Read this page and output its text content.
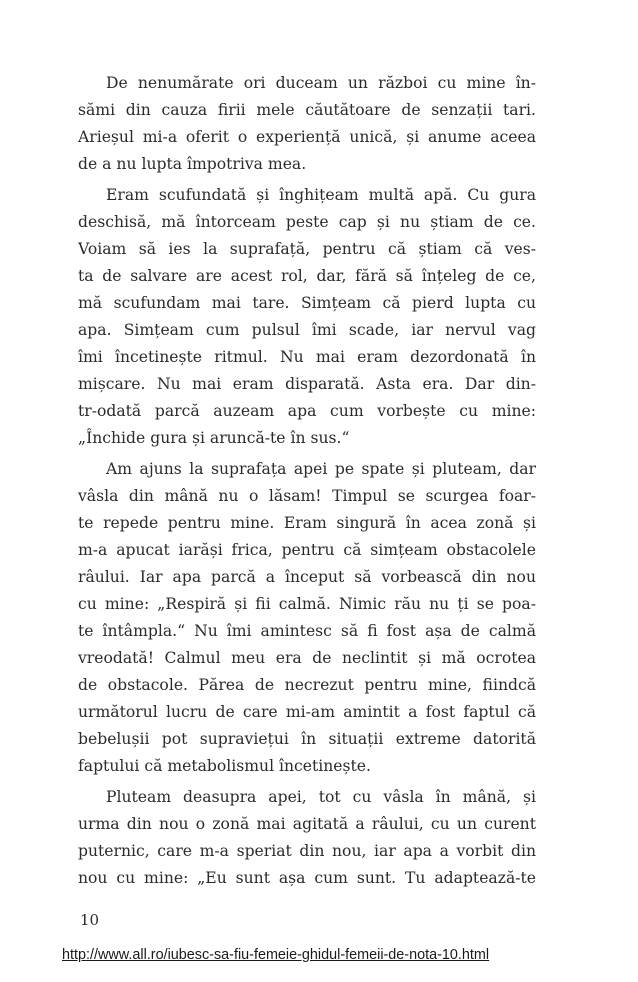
De nenumărate ori duceam un război cu mine în-
sămi din cauza firii mele căutătoare de senzații tari.
Arieșul mi-a oferit o experiență unică, și anume aceea
de a nu lupta împotriva mea.
Eram scufundată și înghițeam multă apă. Cu gura
deschisă, mă întorceam peste cap și nu știam de ce.
Voiam să ies la suprafață, pentru că știam că ves-
ta de salvare are acest rol, dar, fără să înțeleg de ce,
mă scufundam mai tare. Simțeam că pierd lupta cu
apa. Simțeam cum pulsul îmi scade, iar nervul vag
îmi încetinește ritmul. Nu mai eram dezordonată în
mișcare. Nu mai eram disparată. Asta era. Dar din-
tr-odată parcă auzeam apa cum vorbește cu mine:
„Închide gura și aruncă-te în sus.“
Am ajuns la suprafața apei pe spate și pluteam, dar
vâsla din mână nu o lăsam! Timpul se scurgea foar-
te repede pentru mine. Eram singură în acea zonă și
m-a apucat iarăși frica, pentru că simțeam obstacolele
râului. Iar apa parcă a început să vorbească din nou
cu mine: „Respiră și fii calmă. Nimic rău nu ți se poa-
te întâmpla.“ Nu îmi amintesc să fi fost așa de calmă
vreodată! Calmul meu era de neclintit și mă ocrotea
de obstacole. Părea de necrezut pentru mine, fiindcă
următorul lucru de care mi-am amintit a fost faptul că
bebelușii pot supraviețui în situații extreme datorită
faptului că metabolismul încetinește.
Pluteam deasupra apei, tot cu vâsla în mână, și
urma din nou o zonă mai agitată a râului, cu un curent
puternic, care m-a speriat din nou, iar apa a vorbit din
nou cu mine: „Eu sunt așa cum sunt. Tu adaptează-te
10
http://www.all.ro/iubesc-sa-fiu-femeie-ghidul-femeii-de-nota-10.html
